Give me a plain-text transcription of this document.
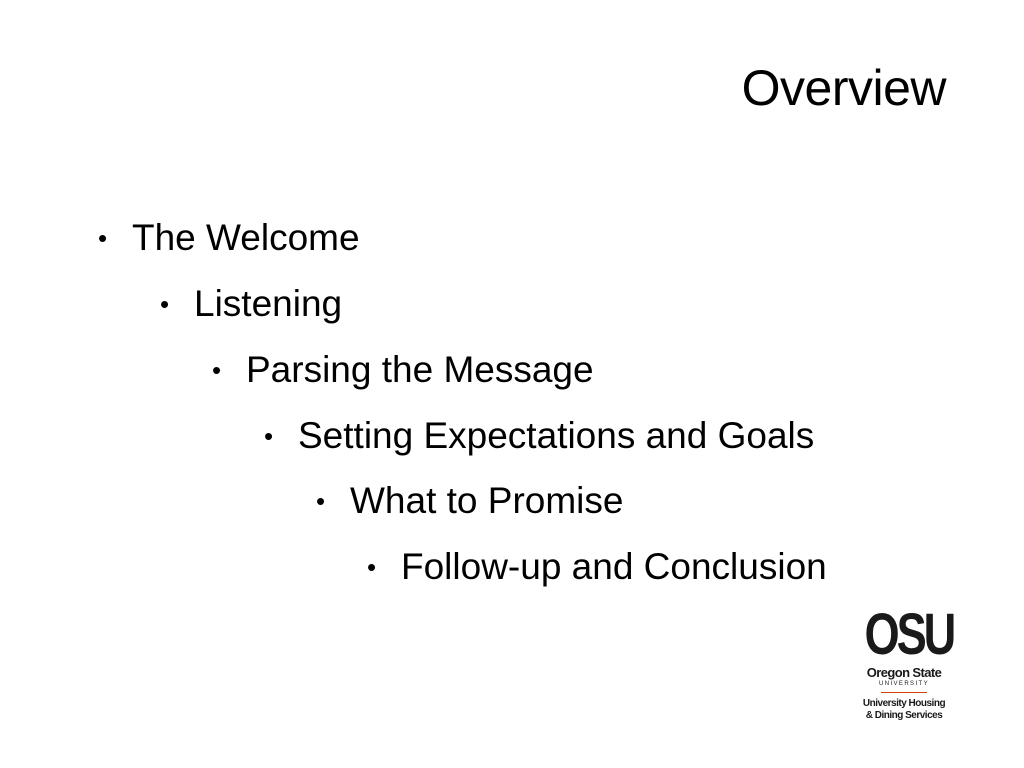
Overview
• The Welcome
• Listening
• Parsing the Message
• Setting Expectations and Goals
• What to Promise
• Follow-up and Conclusion
OSU
Oregon State
UNIVERSITY
University Housing
& Dining Services
